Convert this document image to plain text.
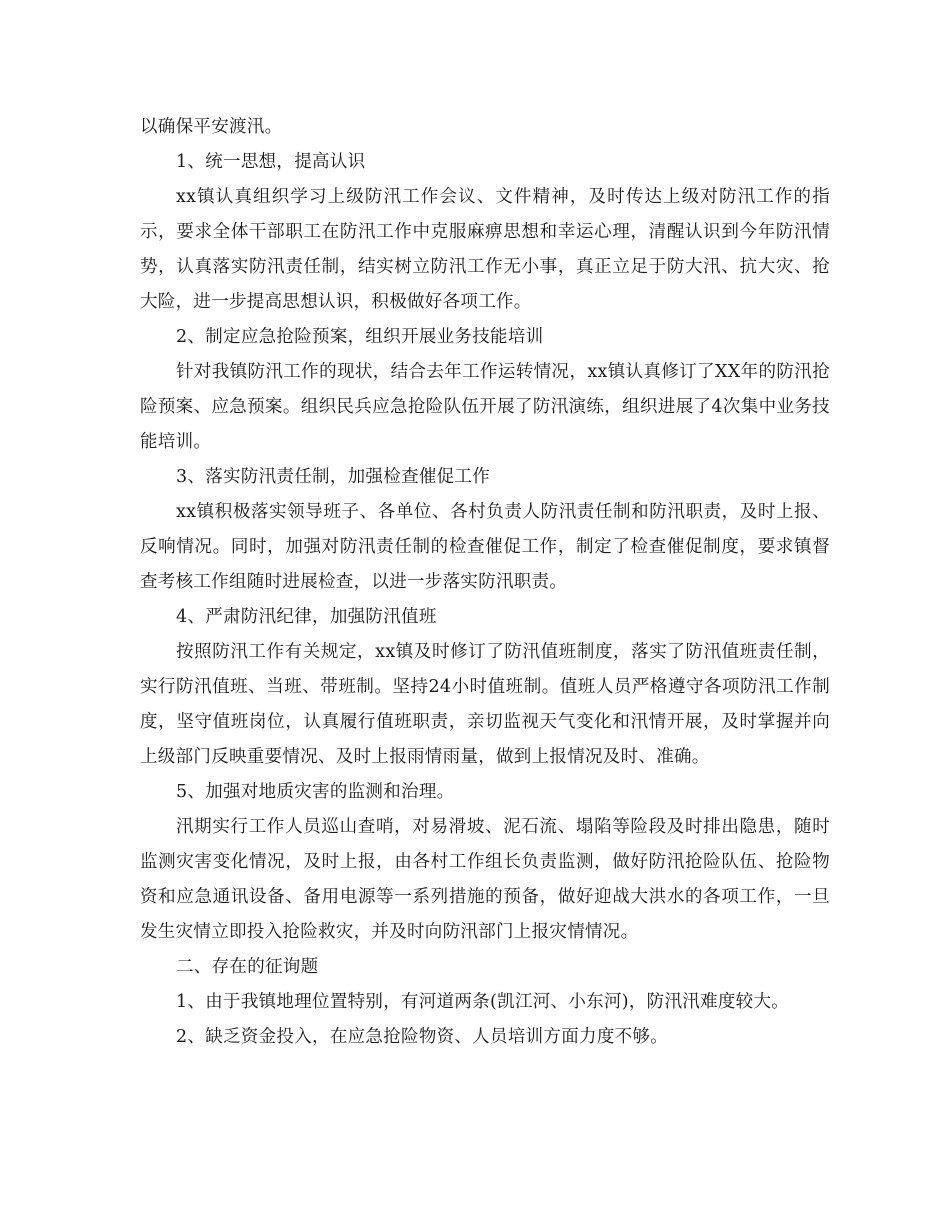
以确保平安渡汛。

1、统一思想，提高认识

xx镇认真组织学习上级防汛工作会议、文件精神，及时传达上级对防汛工作的指示，要求全体干部职工在防汛工作中克服麻痹思想和幸运心理，清醒认识到今年防汛情势，认真落实防汛责任制，结实树立防汛工作无小事，真正立足于防大汛、抗大灾、抢大险，进一步提高思想认识，积极做好各项工作。

2、制定应急抢险预案，组织开展业务技能培训

针对我镇防汛工作的现状，结合去年工作运转情况，xx镇认真修订了XX年的防汛抢险预案、应急预案。组织民兵应急抢险队伍开展了防汛演练，组织进展了4次集中业务技能培训。

3、落实防汛责任制，加强检查催促工作

xx镇积极落实领导班子、各单位、各村负责人防汛责任制和防汛职责，及时上报、反响情况。同时，加强对防汛责任制的检查催促工作，制定了检查催促制度，要求镇督查考核工作组随时进展检查，以进一步落实防汛职责。

4、严肃防汛纪律，加强防汛值班

按照防汛工作有关规定，xx镇及时修订了防汛值班制度，落实了防汛值班责任制，实行防汛值班、当班、带班制。坚持24小时值班制。值班人员严格遵守各项防汛工作制度，坚守值班岗位，认真履行值班职责，亲切监视天气变化和汛情开展，及时掌握并向上级部门反映重要情况、及时上报雨情雨量，做到上报情况及时、准确。

5、加强对地质灾害的监测和治理。

汛期实行工作人员巡山查哨，对易滑坡、泥石流、塌陷等险段及时排出隐患，随时监测灾害变化情况，及时上报，由各村工作组长负责监测，做好防汛抢险队伍、抢险物资和应急通讯设备、备用电源等一系列措施的预备，做好迎战大洪水的各项工作，一旦发生灾情立即投入抢险救灾，并及时向防汛部门上报灾情情况。

二、存在的征询题

1、由于我镇地理位置特别，有河道两条(凯江河、小东河)，防汛汛难度较大。

2、缺乏资金投入，在应急抢险物资、人员培训方面力度不够。
